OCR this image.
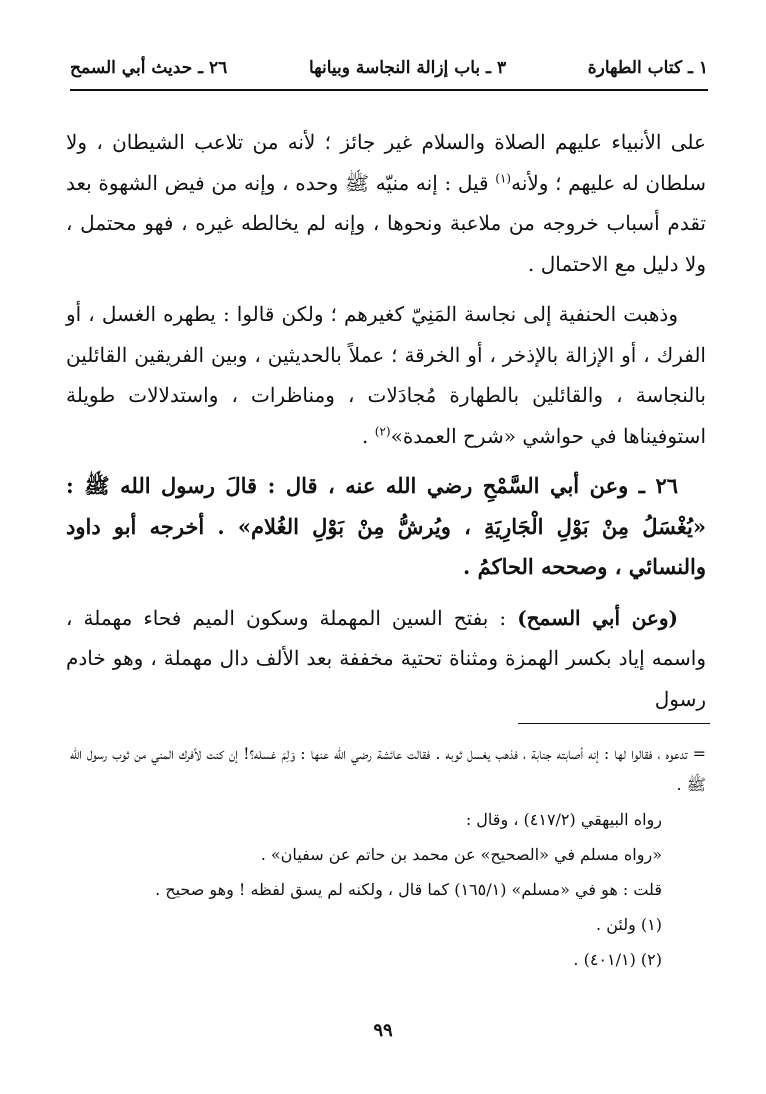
١ ـ كتاب الطهارة
٣ ـ باب إزالة النجاسة وبيانها
٢٦ ـ حديث أبي السمح

على الأنبياء عليهم الصلاة والسلام غير جائز ؛ لأنه من تلاعب الشيطان ، ولا سلطان له عليهم ؛ ولأنه$^{(١)}$ قيل : إنه منيّه ﷺ وحده ، وإنه من فيض الشهوة بعد تقدم أسباب خروجه من ملاعبة ونحوها ، وإنه لم يخالطه غيره ، فهو محتمل ، ولا دليل مع الاحتمال .

وذهبت الحنفية إلى نجاسة المَنِيّ كغيرهم ؛ ولكن قالوا : يطهره الغسل ، أو الفرك ، أو الإزالة بالإذخر ، أو الخرقة ؛ عملاً بالحديثين ، وبين الفريقين القائلين بالنجاسة ، والقائلين بالطهارة مُجادَلات ، ومناظرات ، واستدلالات طويلة استوفيناها في حواشي «شرح العمدة»$^{(٢)}$ .

٢٦ ـ وعن أبي السَّمْحِ رضي الله عنه ، قال : قالَ رسول الله ﷺ : «يُغْسَلُ مِنْ بَوْلِ الْجَارِيَةِ ، ويُرشُّ مِنْ بَوْلِ الغُلام» . أخرجه أبو داود والنسائي ، وصححه الحاكمُ .

(وعن أبي السمح) : بفتح السين المهملة وسكون الميم فحاء مهملة ، واسمه إياد بكسر الهمزة ومثناة تحتية مخففة بعد الألف دال مهملة ، وهو خادم رسول

= تدعوه ، فقالوا لها : إنه أصابته جنابة ، فذهب يغسل ثوبه . فقالت عائشة رضي الله عنها : وَلِمَ غسله؟! إن كنت لأفرك المني من ثوب رسول الله ﷺ .

رواه البيهقي (٤١٧/٢) ، وقال :

«رواه مسلم في «الصحيح» عن محمد بن حاتم عن سفيان» .

قلت : هو في «مسلم» (١٦٥/١) كما قال ، ولكنه لم يسق لفظه ! وهو صحيح .

(١) ولئن .

(٢) (٤٠١/١) .

٩٩
